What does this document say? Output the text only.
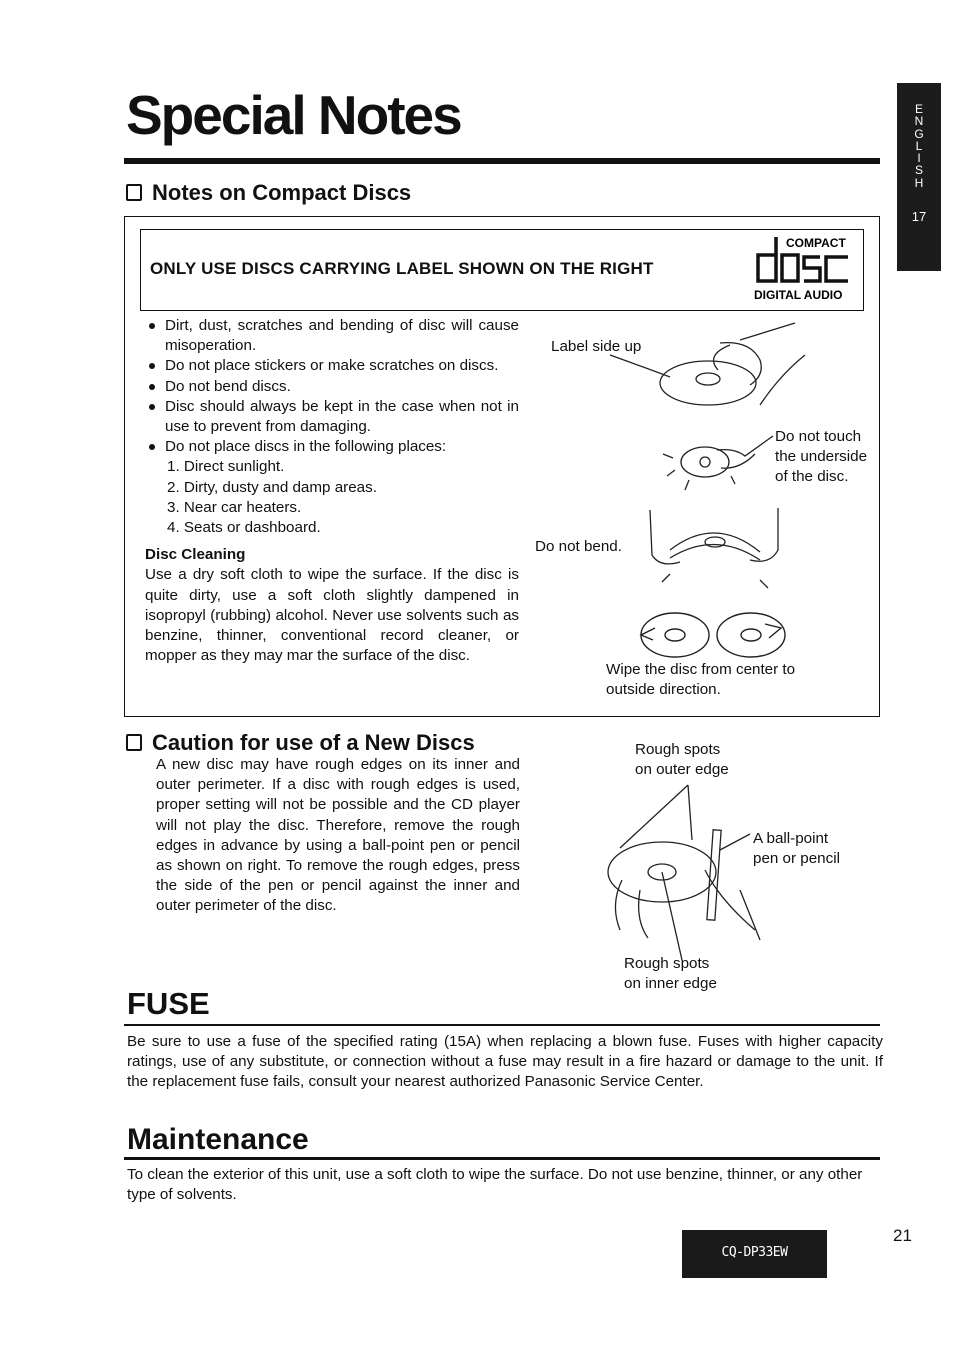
Special Notes	E
N
G
L
I
S
H
17
Notes on Compact Discs
ONLY USE DISCS CARRYING LABEL SHOWN ON THE RIGHT
COMPACT
DIGITAL AUDIO
Dirt, dust, scratches and bending of disc will cause misoperation.
Do not place stickers or make scratches on discs.
Do not bend discs.
Disc should always be kept in the case when not in use to prevent from damaging.
Do not place discs in the following places:
1. Direct sunlight.
2. Dirty, dusty and damp areas.
3. Near car heaters.
4. Seats or dashboard.
Disc Cleaning
Use a dry soft cloth to wipe the surface. If the disc is quite dirty, use a soft cloth slightly dampened in isopropyl (rubbing) alcohol. Never use solvents such as benzine, thinner, conventional record cleaner, or mopper as they may mar the surface of the disc.
Label side up
Do not touch
the underside
of the disc.
Do not bend.
Wipe the disc from center to
outside direction.
Caution for use of a New Discs
A new disc may have rough edges on its inner and outer perimeter. If a disc with rough edges is used, proper setting will not be possible and the CD player will not play the disc. Therefore, remove the rough edges in advance by using a ball-point pen or pencil as shown on right. To remove the rough edges, press the side of the pen or pencil against the inner and outer perimeter of the disc.
Rough spots
on outer edge
A ball-point
pen or pencil
Rough spots
on inner edge
FUSE
Be sure to use a fuse of the specified rating (15A) when replacing a blown fuse. Fuses with higher capacity ratings, use of any substitute, or connection without a fuse may result in a fire hazard or damage to the unit. If the replacement fuse fails, consult your nearest authorized Panasonic Service Center.
Maintenance
To clean the exterior of this unit, use a soft cloth to wipe the surface. Do not use benzine, thinner, or any other type of solvents.
21
CQ-DP33EW
